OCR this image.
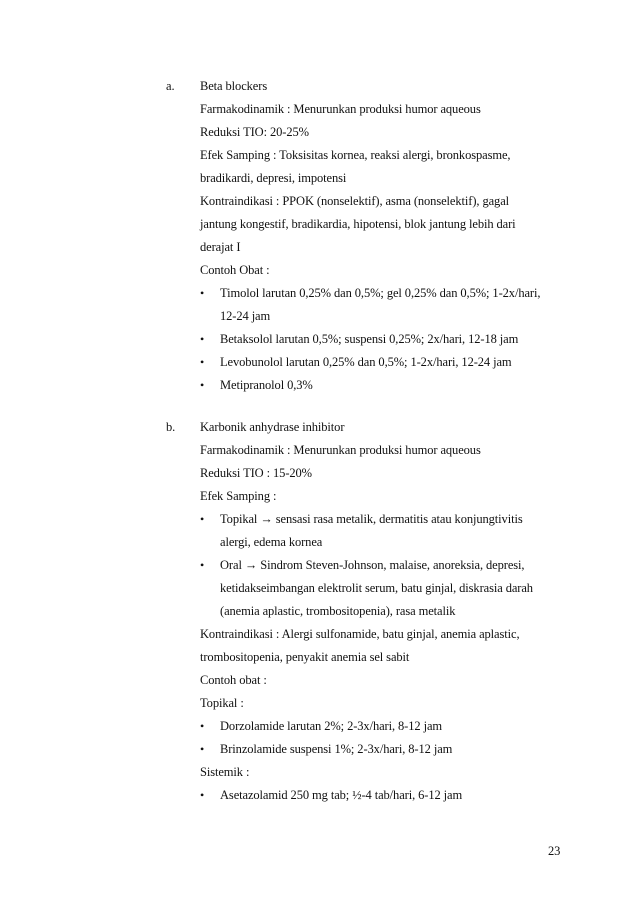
a. Beta blockers
Farmakodinamik : Menurunkan produksi humor aqueous
Reduksi TIO: 20-25%
Efek Samping : Toksisitas kornea, reaksi alergi, bronkospasme,
bradikardi, depresi, impotensi
Kontraindikasi : PPOK (nonselektif), asma (nonselektif), gagal
jantung kongestif, bradikardia, hipotensi, blok jantung lebih dari
derajat I
Contoh Obat :
• Timolol larutan 0,25% dan 0,5%; gel 0,25% dan 0,5%; 1-2x/hari,
12-24 jam
• Betaksolol larutan 0,5%; suspensi 0,25%; 2x/hari, 12-18 jam
• Levobunolol larutan 0,25% dan 0,5%; 1-2x/hari, 12-24 jam
• Metipranolol 0,3%
b. Karbonik anhydrase inhibitor
Farmakodinamik : Menurunkan produksi humor aqueous
Reduksi TIO : 15-20%
Efek Samping :
• Topikal → sensasi rasa metalik, dermatitis atau konjungtivitis
alergi, edema kornea
• Oral → Sindrom Steven-Johnson, malaise, anoreksia, depresi,
ketidakseimbangan elektrolit serum, batu ginjal, diskrasia darah
(anemia aplastic, trombositopenia), rasa metalik
Kontraindikasi : Alergi sulfonamide, batu ginjal, anemia aplastic,
trombositopenia, penyakit anemia sel sabit
Contoh obat :
Topikal :
• Dorzolamide larutan 2%; 2-3x/hari, 8-12 jam
• Brinzolamide suspensi 1%; 2-3x/hari, 8-12 jam
Sistemik :
• Asetazolamid 250 mg tab; ½-4 tab/hari, 6-12 jam
23
